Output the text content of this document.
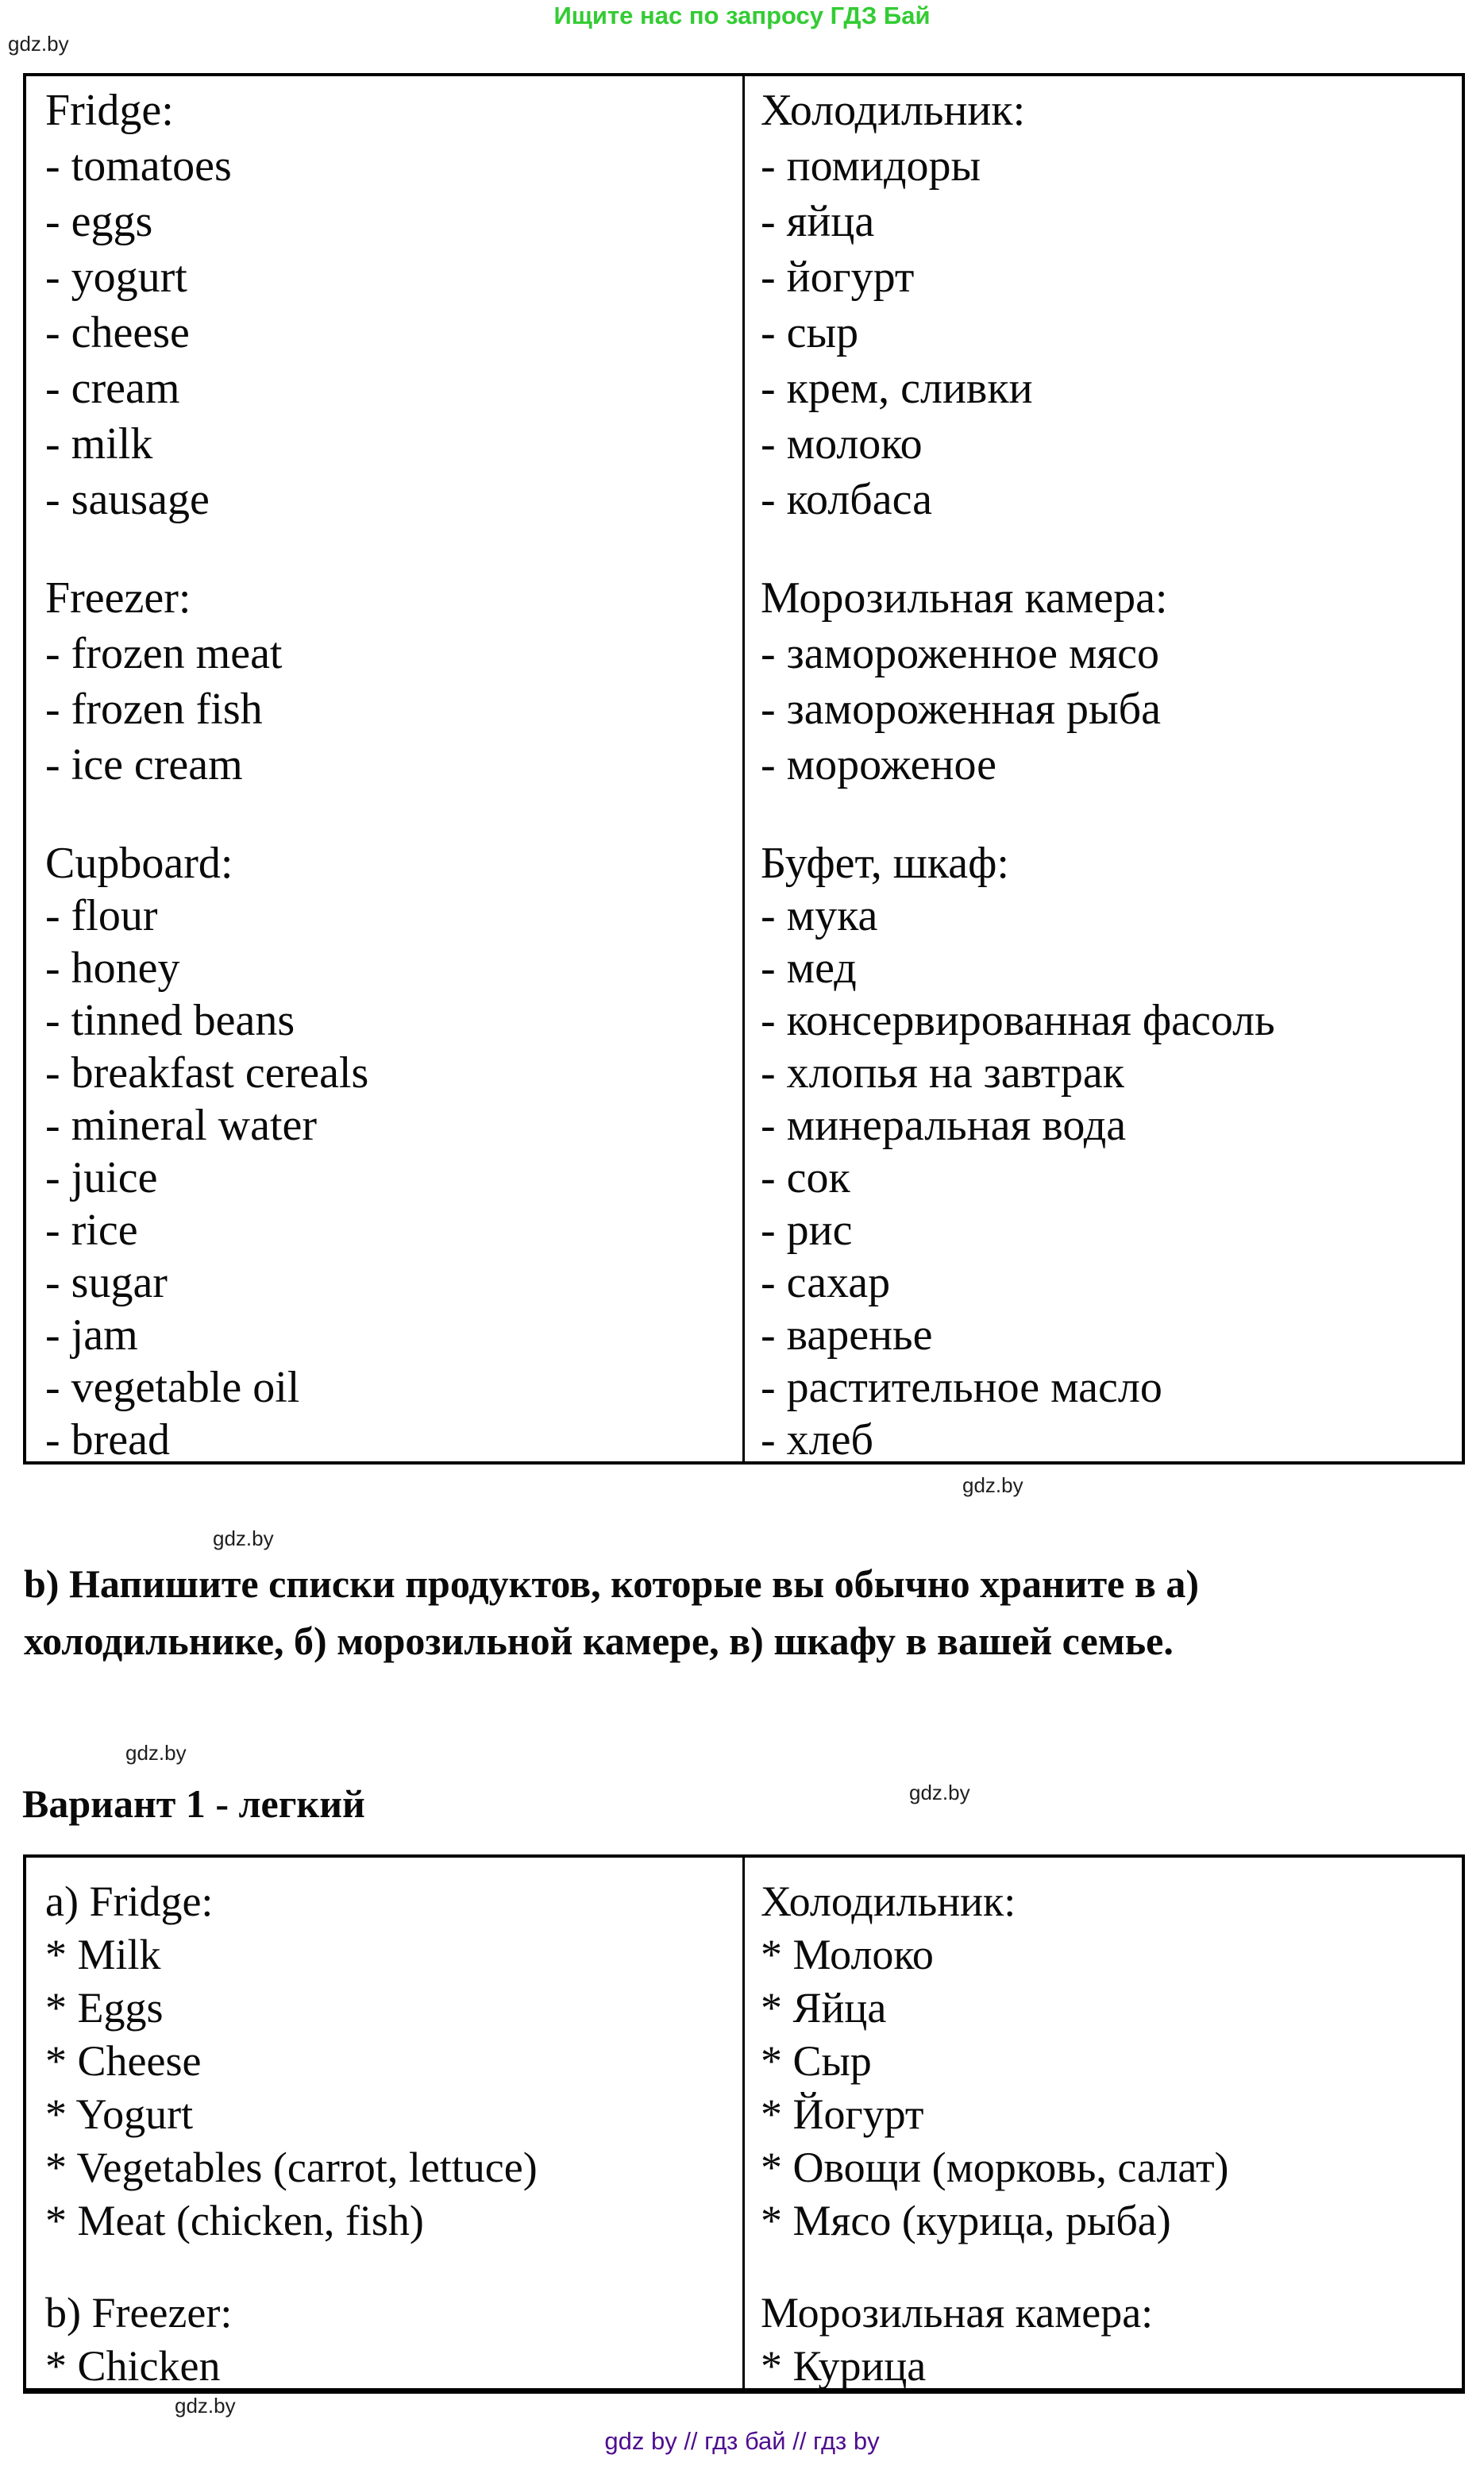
Ищите нас по запросу ГДЗ Бай
gdz.by
gdz.by
gdz.by
gdz.by
gdz.by
gdz.by
Fridge:
- tomatoes
- eggs
- yogurt
- cheese
- cream
- milk
- sausage
Freezer:
- frozen meat
- frozen fish
- ice cream
Cupboard:
- flour
- honey
- tinned beans
- breakfast cereals
- mineral water
- juice
- rice
- sugar
- jam
- vegetable oil
- bread
Холодильник:
- помидоры
- яйца
- йогурт
- сыр
- крем, сливки
- молоко
- колбаса
Морозильная камера:
- замороженное мясо
- замороженная рыба
- мороженое
Буфет, шкаф:
- мука
- мед
- консервированная фасоль
- хлопья на завтрак
- минеральная вода
- сок
- рис
- сахар
- варенье
- растительное масло
- хлеб
b) Напишите списки продуктов, которые вы обычно храните в а)
холодильнике, б) морозильной камере, в) шкафу в вашей семье.
Вариант 1 - легкий
a) Fridge:
* Milk
* Eggs
* Cheese
* Yogurt
* Vegetables (carrot, lettuce)
* Meat (chicken, fish)
b) Freezer:
* Chicken
Холодильник:
* Молоко
* Яйца
* Сыр
* Йогурт
* Овощи (морковь, салат)
* Мясо (курица, рыба)
Морозильная камера:
* Курица
gdz by // гдз бай // гдз by
